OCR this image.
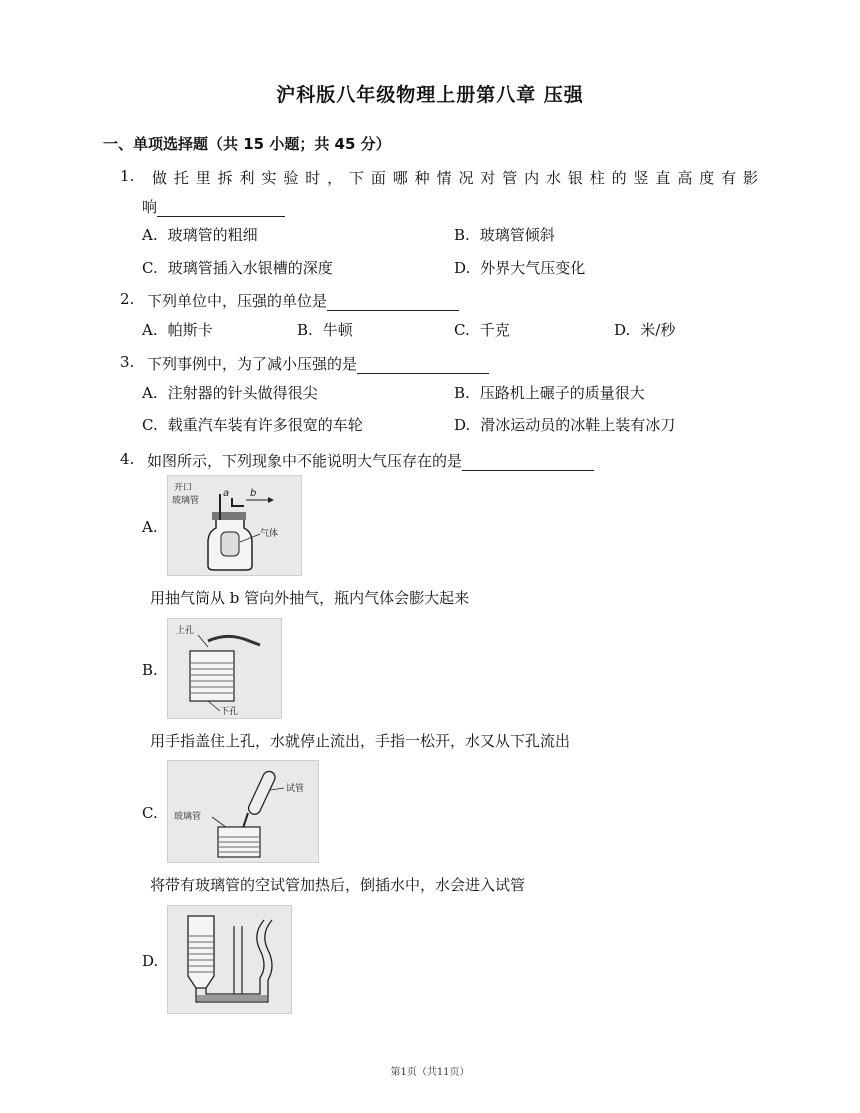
沪科版八年级物理上册第八章 压强
一、单项选择题（共 15 小题；共 45 分）
1. 做托里拆利实验时，下面哪种情况对管内水银柱的竖直高度有影
响
A. 玻璃管的粗细	B. 玻璃管倾斜
C. 玻璃管插入水银槽的深度	D. 外界大气压变化
2. 下列单位中，压强的单位是
A. 帕斯卡	B. 牛顿	C. 千克	D. 米/秒
3. 下列事例中，为了减小压强的是
A. 注射器的针头做得很尖	B. 压路机上碾子的质量很大
C. 载重汽车装有许多很宽的车轮	D. 滑冰运动员的冰鞋上装有冰刀
4. 如图所示，下列现象中不能说明大气压存在的是
A.
开口
玻璃管
a b
气体
用抽气筒从 b 管向外抽气，瓶内气体会膨大起来
B.
上孔
下孔
用手指盖住上孔，水就停止流出，手指一松开，水又从下孔流出
C.
试管
玻璃管
将带有玻璃管的空试管加热后，倒插水中，水会进入试管
D.
第1页（共11页）
